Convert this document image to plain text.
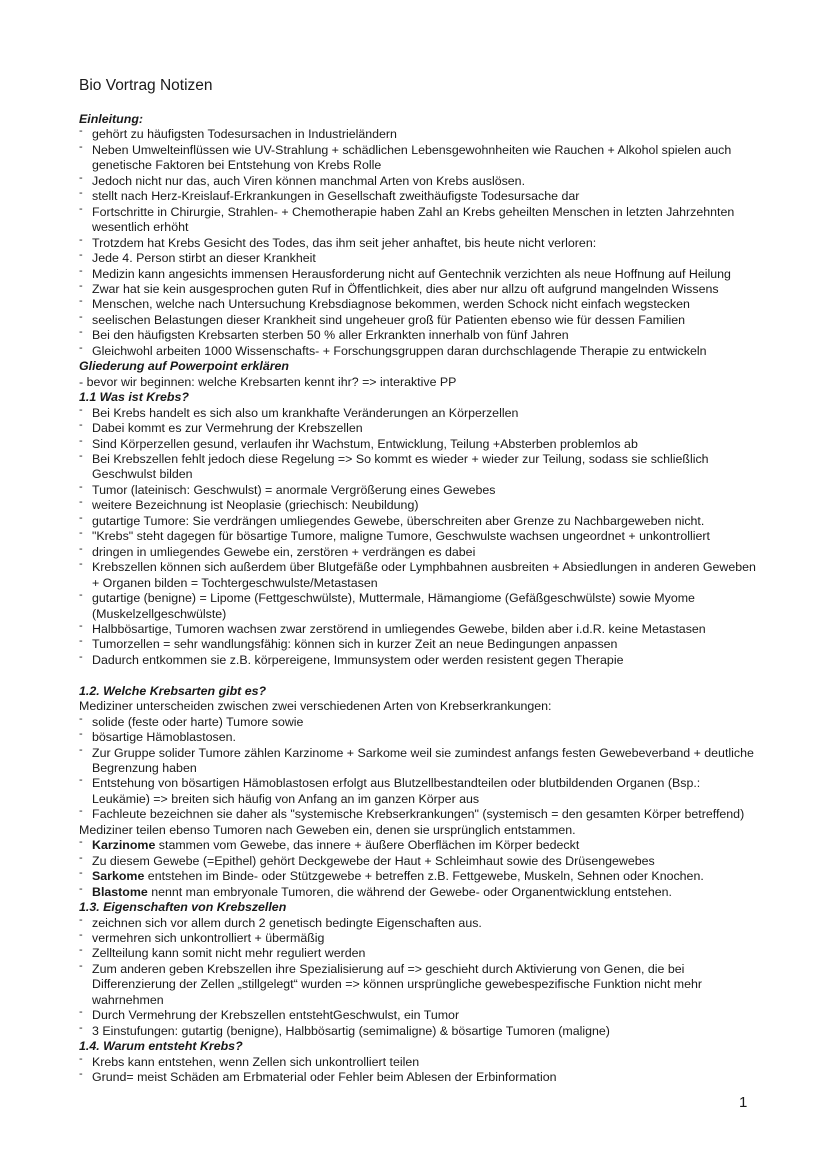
Bio Vortrag Notizen
Einleitung:
- gehört zu häufigsten Todesursachen in Industrieländern
- Neben Umwelteinflüssen wie UV-Strahlung + schädlichen Lebensgewohnheiten wie Rauchen + Alkohol spielen auch genetische Faktoren bei Entstehung von Krebs Rolle
- Jedoch nicht nur das, auch Viren können manchmal Arten von Krebs auslösen.
- stellt nach Herz-Kreislauf-Erkrankungen in Gesellschaft zweithäufigste Todesursache dar
- Fortschritte in Chirurgie, Strahlen- + Chemotherapie haben Zahl an Krebs geheilten Menschen in letzten Jahrzehnten wesentlich erhöht
- Trotzdem hat Krebs Gesicht des Todes, das ihm seit jeher anhaftet, bis heute nicht verloren:
- Jede 4. Person stirbt an dieser Krankheit
- Medizin kann angesichts immensen Herausforderung nicht auf Gentechnik verzichten als neue Hoffnung auf Heilung
- Zwar hat sie kein ausgesprochen guten Ruf in Öffentlichkeit, dies aber nur allzu oft aufgrund mangelnden Wissens
- Menschen, welche nach Untersuchung Krebsdiagnose bekommen, werden Schock nicht einfach wegstecken
- seelischen Belastungen dieser Krankheit sind ungeheuer groß für Patienten ebenso wie für dessen Familien
- Bei den häufigsten Krebsarten sterben 50 % aller Erkrankten innerhalb von fünf Jahren
- Gleichwohl arbeiten 1000 Wissenschafts- + Forschungsgruppen daran durchschlagende Therapie zu entwickeln
Gliederung auf Powerpoint erklären
- bevor wir beginnen: welche Krebsarten kennt ihr? => interaktive PP
1.1 Was ist Krebs?
- Bei Krebs handelt es sich also um krankhafte Veränderungen an Körperzellen
- Dabei kommt es zur Vermehrung der Krebszellen
- Sind Körperzellen gesund, verlaufen ihr Wachstum, Entwicklung, Teilung +Absterben problemlos ab
- Bei Krebszellen fehlt jedoch diese Regelung => So kommt es wieder + wieder zur Teilung, sodass sie schließlich Geschwulst bilden
- Tumor (lateinisch: Geschwulst) = anormale Vergrößerung eines Gewebes
- weitere Bezeichnung ist Neoplasie (griechisch: Neubildung)
- gutartige Tumore: Sie verdrängen umliegendes Gewebe, überschreiten aber Grenze zu Nachbargeweben nicht.
- "Krebs" steht dagegen für bösartige Tumore, maligne Tumore, Geschwulste wachsen ungeordnet + unkontrolliert
- dringen in umliegendes Gewebe ein, zerstören + verdrängen es dabei
- Krebszellen können sich außerdem über Blutgefäße oder Lymphbahnen ausbreiten + Absiedlungen in anderen Geweben + Organen bilden = Tochtergeschwulste/Metastasen
- gutartige (benigne) = Lipome (Fettgeschwülste), Muttermale, Hämangiome (Gefäßgeschwülste) sowie Myome (Muskelzellgeschwülste)
- Halbbösartige, Tumoren wachsen zwar zerstörend in umliegendes Gewebe, bilden aber i.d.R. keine Metastasen
- Tumorzellen = sehr wandlungsfähig: können sich in kurzer Zeit an neue Bedingungen anpassen
- Dadurch entkommen sie z.B. körpereigene, Immunsystem oder werden resistent gegen Therapie
1.2. Welche Krebsarten gibt es?
Mediziner unterscheiden zwischen zwei verschiedenen Arten von Krebserkrankungen:
- solide (feste oder harte) Tumore sowie
- bösartige Hämoblastosen.
- Zur Gruppe solider Tumore zählen Karzinome + Sarkome weil sie zumindest anfangs festen Gewebeverband + deutliche Begrenzung haben
- Entstehung von bösartigen Hämoblastosen erfolgt aus Blutzellbestandteilen oder blutbildenden Organen (Bsp.: Leukämie) => breiten sich häufig von Anfang an im ganzen Körper aus
- Fachleute bezeichnen sie daher als "systemische Krebserkrankungen" (systemisch = den gesamten Körper betreffend)
Mediziner teilen ebenso Tumoren nach Geweben ein, denen sie ursprünglich entstammen.
- Karzinome stammen vom Gewebe, das innere + äußere Oberflächen im Körper bedeckt
- Zu diesem Gewebe (=Epithel) gehört Deckgewebe der Haut + Schleimhaut sowie des Drüsengewebes
- Sarkome entstehen im Binde- oder Stützgewebe + betreffen z.B. Fettgewebe, Muskeln, Sehnen oder Knochen.
- Blastome nennt man embryonale Tumoren, die während der Gewebe- oder Organentwicklung entstehen.
1.3. Eigenschaften von Krebszellen
- zeichnen sich vor allem durch 2 genetisch bedingte Eigenschaften aus.
- vermehren sich unkontrolliert + übermäßig
- Zellteilung kann somit nicht mehr reguliert werden
- Zum anderen geben Krebszellen ihre Spezialisierung auf => geschieht durch Aktivierung von Genen, die bei Differenzierung der Zellen „stillgelegt“ wurden => können ursprüngliche gewebespezifische Funktion nicht mehr wahrnehmen
- Durch Vermehrung der Krebszellen entstehtGeschwulst, ein Tumor
- 3 Einstufungen: gutartig (benigne), Halbbösartig (semimaligne) & bösartige Tumoren (maligne)
1.4. Warum entsteht Krebs?
- Krebs kann entstehen, wenn Zellen sich unkontrolliert teilen
- Grund= meist Schäden am Erbmaterial oder Fehler beim Ablesen der Erbinformation
1
